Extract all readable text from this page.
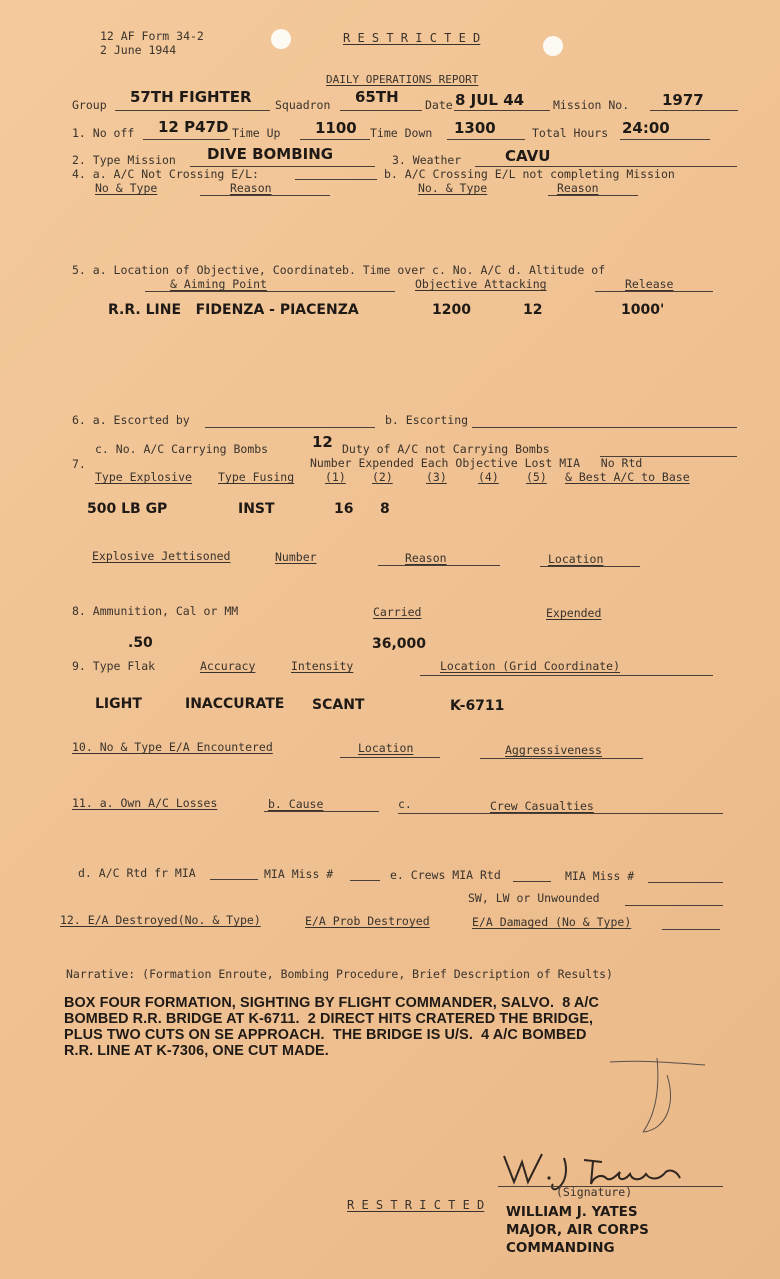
12 AF Form 34-2
2 June 1944
R E S T R I C T E D
DAILY OPERATIONS REPORT
Group 57TH FIGHTER Squadron 65TH Date 8 JUL 44	Mission No. 1977
1. No off 12 P47D Time Up 1100 Time Down 1300	Total Hours 24:00
2. Type Mission DIVE BOMBING	3. Weather	CAVU
4. a. A/C Not Crossing E/L:	b. A/C Crossing E/L not completing Mission
No & Type	Reason	No. & Type	Reason
5. a. Location of Objective, Coordinateb. Time over c. No. A/C d. Altitude of
& Aiming Point	Objective Attacking	Release
R.R. LINE   FIDENZA - PIACENZA	1200	12	1000'
6. a. Escorted by	b. Escorting
c. No. A/C Carrying Bombs	12 Duty of A/C not Carrying Bombs
7.	Number Expended Each Objective Lost MIA   No Rtd
Type Explosive Type Fusing	(1) (2)	(3)	(4) (5) & Best A/C to Base
500 LB GP	INST	16 8
Explosive Jettisoned	Number	Reason	Location
8. Ammunition, Cal or MM	Carried	Expended
.50	36,000
9. Type Flak	Accuracy	Intensity	Location (Grid Coordinate)
LIGHT	INACCURATE SCANT	K-6711
10. No & Type E/A Encountered	Location	Aggressiveness
11. a. Own A/C Losses	b. Cause	c.	Crew Casualties
d. A/C Rtd fr MIA	MIA Miss #	e. Crews MIA Rtd	MIA Miss #
SW, LW or Unwounded
12. E/A Destroyed(No. & Type)	E/A Prob Destroyed	E/A Damaged (No & Type)
Narrative: (Formation Enroute, Bombing Procedure, Brief Description of Results)
BOX FOUR FORMATION, SIGHTING BY FLIGHT COMMANDER, SALVO.  8 A/C
BOMBED R.R. BRIDGE AT K-6711.  2 DIRECT HITS CRATERED THE BRIDGE,
PLUS TWO CUTS ON SE APPROACH.  THE BRIDGE IS U/S.  4 A/C BOMBED
R.R. LINE AT K-7306, ONE CUT MADE.
(Signature)
WILLIAM J. YATES
MAJOR, AIR CORPS
COMMANDING
R E S T R I C T E D
